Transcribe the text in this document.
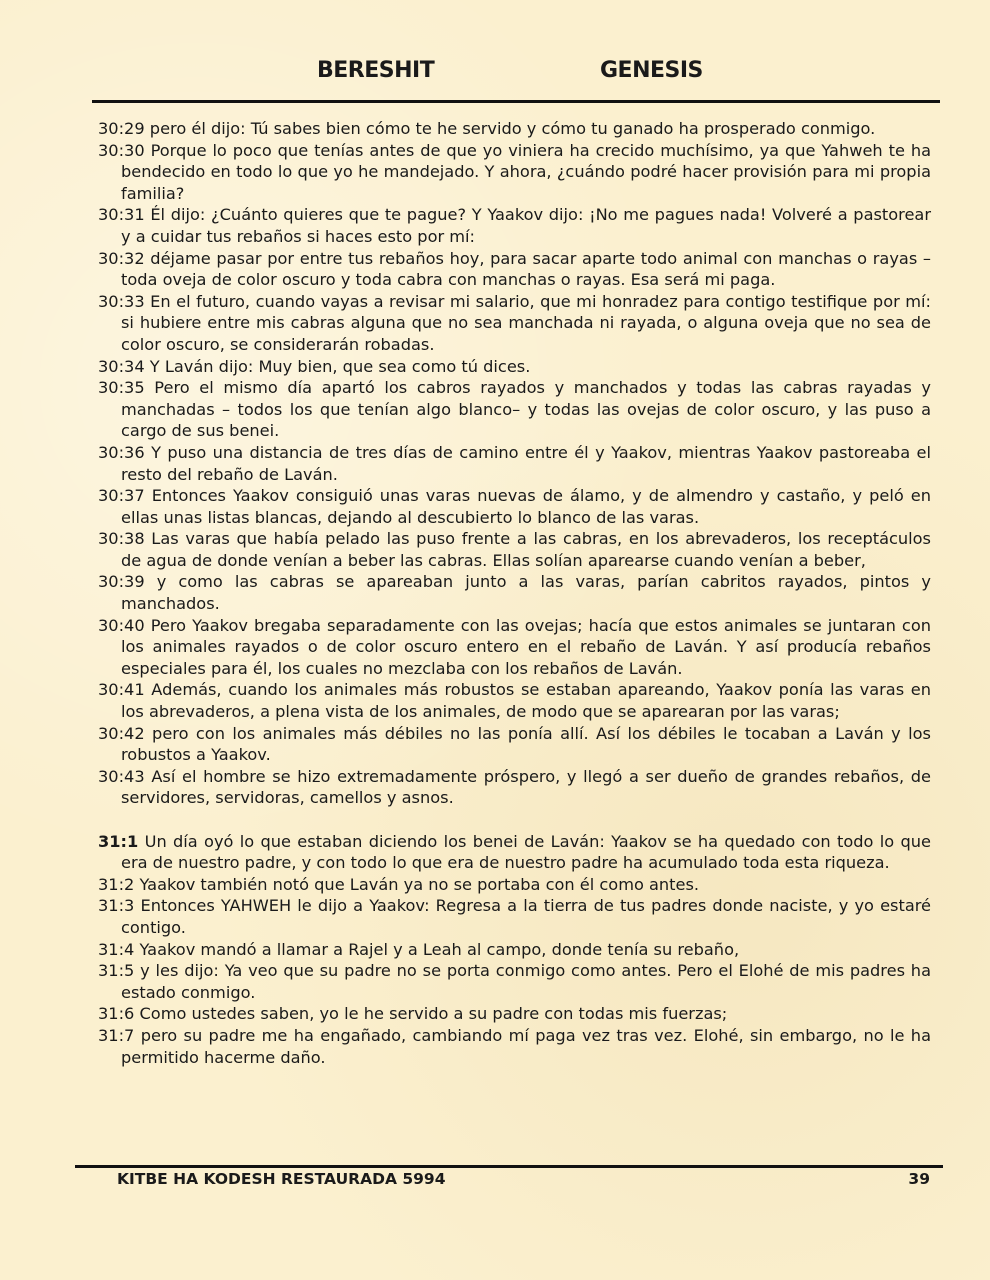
BERESHIT	GENESIS
30:29 pero él dijo: Tú sabes bien cómo te he servido y cómo tu ganado ha prosperado conmigo.
30:30 Porque lo poco que tenías antes de que yo viniera ha crecido muchísimo, ya que Yahweh te ha bendecido en todo lo que yo he mandejado. Y ahora, ¿cuándo podré hacer provisión para mi propia familia?
30:31 Él dijo: ¿Cuánto quieres que te pague? Y Yaakov dijo: ¡No me pagues nada! Volveré a pastorear y a cuidar tus rebaños si haces esto por mí:
30:32 déjame pasar por entre tus rebaños hoy, para sacar aparte todo animal con manchas o rayas –toda oveja de color oscuro y toda cabra con manchas o rayas. Esa será mi paga.
30:33 En el futuro, cuando vayas a revisar mi salario, que mi honradez para contigo testifique por mí: si hubiere entre mis cabras alguna que no sea manchada ni rayada, o alguna oveja que no sea de color oscuro, se considerarán robadas.
30:34 Y Laván dijo: Muy bien, que sea como tú dices.
30:35 Pero el mismo día apartó los cabros rayados y manchados y todas las cabras rayadas y manchadas – todos los que tenían algo blanco– y todas las ovejas de color oscuro, y las puso a cargo de sus benei.
30:36 Y puso una distancia de tres días de camino entre él y Yaakov, mientras Yaakov pastoreaba el resto del rebaño de Laván.
30:37 Entonces Yaakov consiguió unas varas nuevas de álamo, y de almendro y castaño, y peló en ellas unas listas blancas, dejando al descubierto lo blanco de las varas.
30:38 Las varas que había pelado las puso frente a las cabras, en los abrevaderos, los receptáculos de agua de donde venían a beber las cabras. Ellas solían aparearse cuando venían a beber,
30:39 y como las cabras se apareaban junto a las varas, parían cabritos rayados, pintos y manchados.
30:40 Pero Yaakov bregaba separadamente con las ovejas; hacía que estos animales se juntaran con los animales rayados o de color oscuro entero en el rebaño de Laván. Y así producía rebaños especiales para él, los cuales no mezclaba con los rebaños de Laván.
30:41 Además, cuando los animales más robustos se estaban apareando, Yaakov ponía las varas en los abrevaderos, a plena vista de los animales, de modo que se aparearan por las varas;
30:42 pero con los animales más débiles no las ponía allí. Así los débiles le tocaban a Laván y los robustos a Yaakov.
30:43 Así el hombre se hizo extremadamente próspero, y llegó a ser dueño de grandes rebaños, de servidores, servidoras, camellos y asnos.
31:1 Un día oyó lo que estaban diciendo los benei de Laván: Yaakov se ha quedado con todo lo que era de nuestro padre, y con todo lo que era de nuestro padre ha acumulado toda esta riqueza.
31:2 Yaakov también notó que Laván ya no se portaba con él como antes.
31:3 Entonces YAHWEH le dijo a Yaakov: Regresa a la tierra de tus padres donde naciste, y yo estaré contigo.
31:4 Yaakov mandó a llamar a Rajel y a Leah al campo, donde tenía su rebaño,
31:5 y les dijo: Ya veo que su padre no se porta conmigo como antes. Pero el Elohé de mis padres ha estado conmigo.
31:6 Como ustedes saben, yo le he servido a su padre con todas mis fuerzas;
31:7 pero su padre me ha engañado, cambiando mí paga vez tras vez. Elohé, sin embargo, no le ha permitido hacerme daño.
KITBE HA KODESH RESTAURADA 5994	39
